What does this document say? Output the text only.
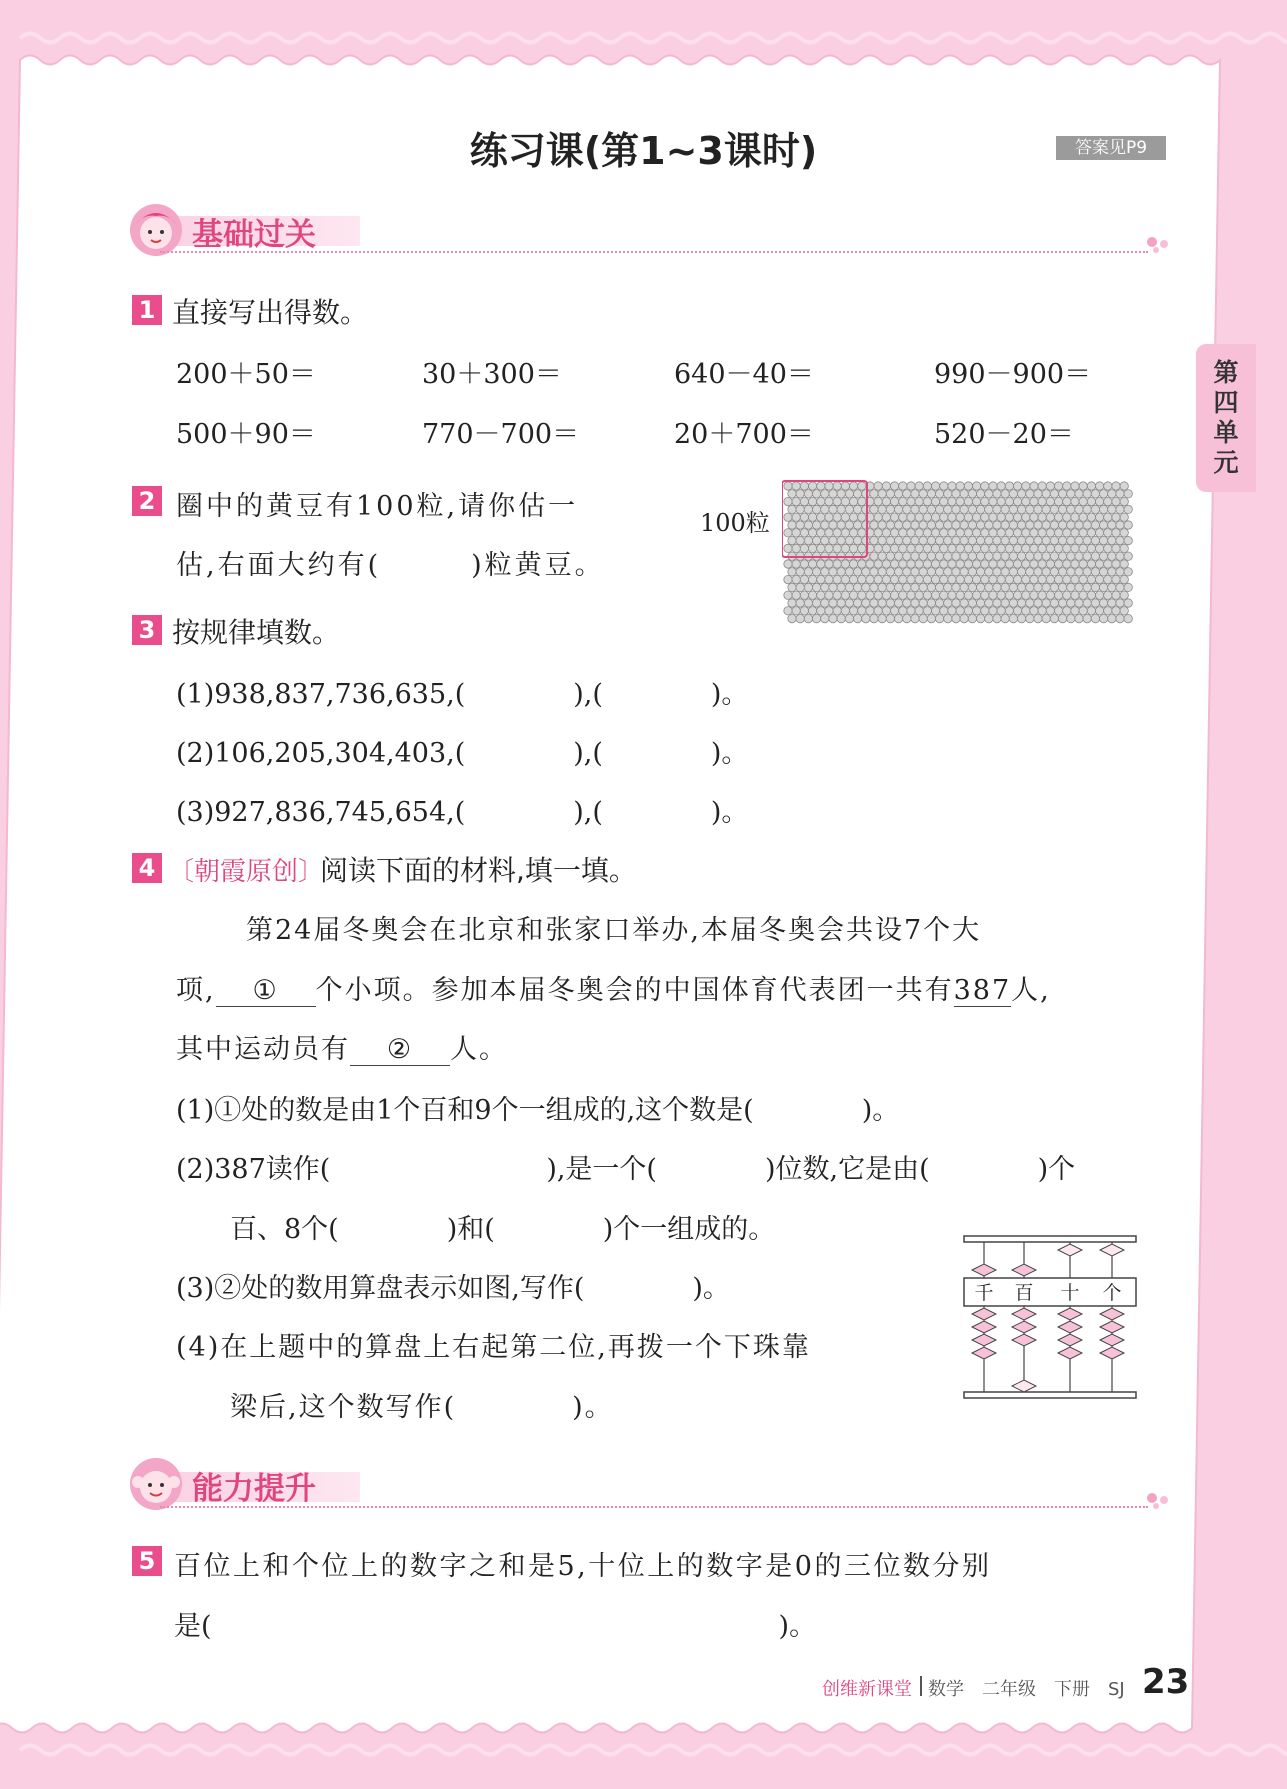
练习课(第1~3课时)	答案见P9
第四单元
基础过关
1 直接写出得数。
200＋50＝	30＋300＝	640－40＝	990－900＝
500＋90＝	770－700＝	20＋700＝	520－20＝
2 圈中的黄豆有100粒,请你估一
估,右面大约有(　　　)粒黄豆。
100粒
3 按规律填数。
(1)938,837,736,635,(　　　　),(　　　　)。
(2)106,205,304,403,(　　　　),(　　　　)。
(3)927,836,745,654,(　　　　),(　　　　)。
4 〔朝霞原创〕
阅读下面的材料,填一填。
第24届冬奥会在北京和张家口举办,本届冬奥会共设7个大
项, ① 个小项。参加本届冬奥会的中国体育代表团一共有387人,
其中运动员有 ② 人。
(1)①处的数是由1个百和9个一组成的,这个数是(　　　　)。
(2)387读作(　　　　　　　　),是一个(　　　　)位数,它是由(　　　　)个
百、8个(　　　　)和(　　　　)个一组成的。
(3)②处的数用算盘表示如图,写作(　　　　)。
(4)在上题中的算盘上右起第二位,再拨一个下珠靠
梁后,这个数写作(　　　　)。
千 百 十 个
能力提升
5 百位上和个位上的数字之和是5,十位上的数字是0的三位数分别
是(　　　　　　　　　　　　　　　　　　　　　)。
创维新课堂 数学　二年级　下册　SJ 23
